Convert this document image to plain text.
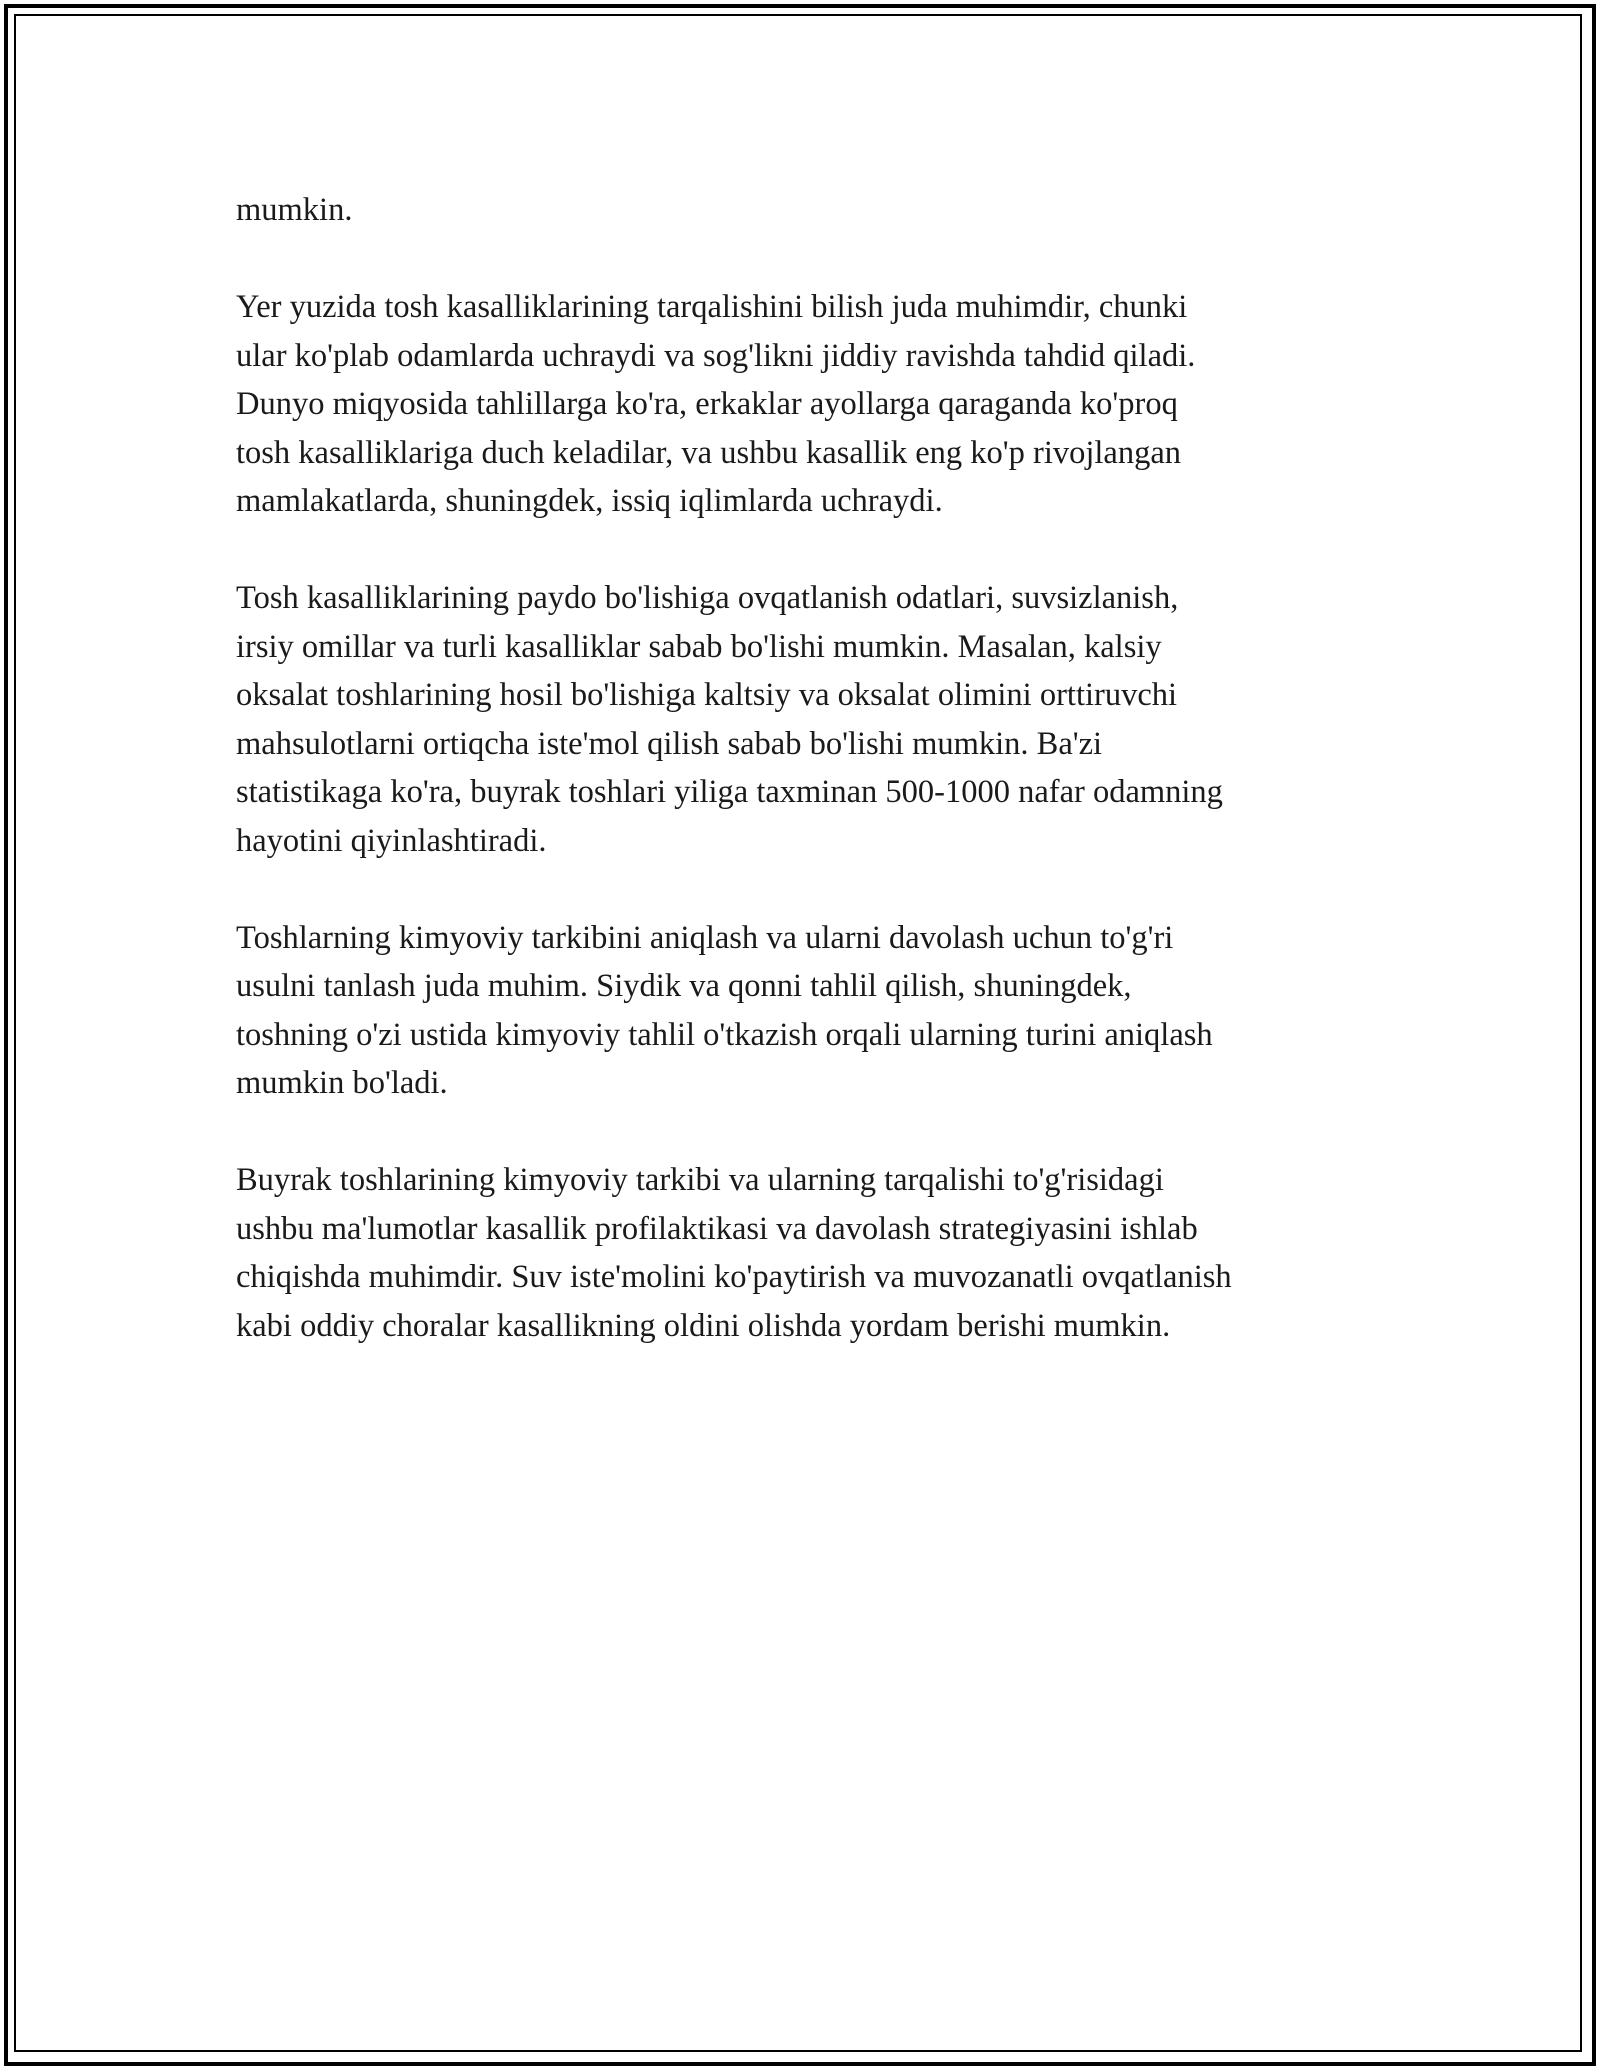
mumkin.

Yer yuzida tosh kasalliklarining tarqalishini bilish juda muhimdir, chunki
ular ko'plab odamlarda uchraydi va sog'likni jiddiy ravishda tahdid qiladi.
Dunyo miqyosida tahlillarga ko'ra, erkaklar ayollarga qaraganda ko'proq
tosh kasalliklariga duch keladilar, va ushbu kasallik eng ko'p rivojlangan
mamlakatlarda, shuningdek, issiq iqlimlarda uchraydi.

Tosh kasalliklarining paydo bo'lishiga ovqatlanish odatlari, suvsizlanish,
irsiy omillar va turli kasalliklar sabab bo'lishi mumkin. Masalan, kalsiy
oksalat toshlarining hosil bo'lishiga kaltsiy va oksalat olimini orttiruvchi
mahsulotlarni ortiqcha iste'mol qilish sabab bo'lishi mumkin. Ba'zi
statistikaga ko'ra, buyrak toshlari yiliga taxminan 500-1000 nafar odamning
hayotini qiyinlashtiradi.

Toshlarning kimyoviy tarkibini aniqlash va ularni davolash uchun to'g'ri
usulni tanlash juda muhim. Siydik va qonni tahlil qilish, shuningdek,
toshning o'zi ustida kimyoviy tahlil o'tkazish orqali ularning turini aniqlash
mumkin bo'ladi.

Buyrak toshlarining kimyoviy tarkibi va ularning tarqalishi to'g'risidagi
ushbu ma'lumotlar kasallik profilaktikasi va davolash strategiyasini ishlab
chiqishda muhimdir. Suv iste'molini ko'paytirish va muvozanatli ovqatlanish
kabi oddiy choralar kasallikning oldini olishda yordam berishi mumkin.
